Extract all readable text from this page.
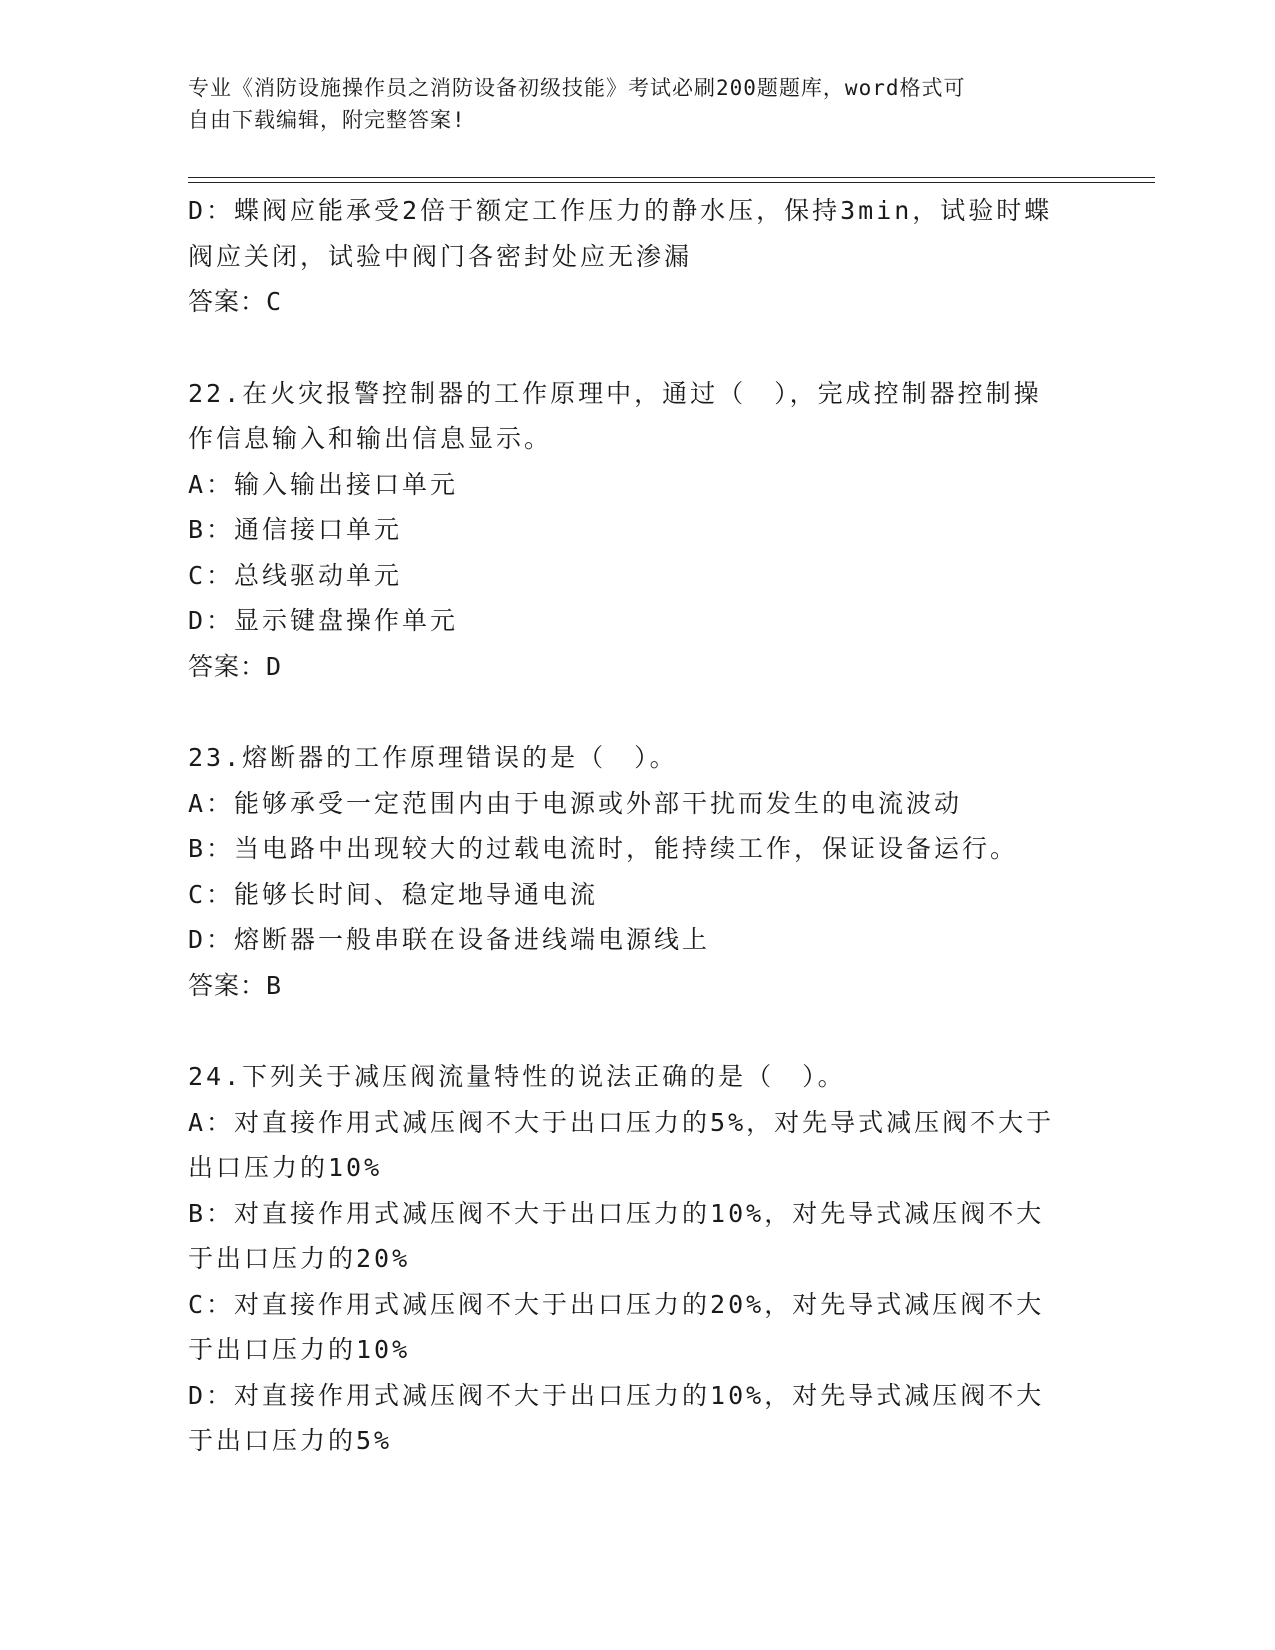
专业《消防设施操作员之消防设备初级技能》考试必刷200题题库，word格式可
自由下载编辑，附完整答案!
D：蝶阀应能承受2倍于额定工作压力的静水压，保持3min，试验时蝶
阀应关闭，试验中阀门各密封处应无渗漏
答案：C
22.在火灾报警控制器的工作原理中，通过（　），完成控制器控制操
作信息输入和输出信息显示。
A：输入输出接口单元
B：通信接口单元
C：总线驱动单元
D：显示键盘操作单元
答案：D
23.熔断器的工作原理错误的是（　）。
A：能够承受一定范围内由于电源或外部干扰而发生的电流波动
B：当电路中出现较大的过载电流时，能持续工作，保证设备运行。
C：能够长时间、稳定地导通电流
D：熔断器一般串联在设备进线端电源线上
答案：B
24.下列关于减压阀流量特性的说法正确的是（　）。
A：对直接作用式减压阀不大于出口压力的5%，对先导式减压阀不大于
出口压力的10%
B：对直接作用式减压阀不大于出口压力的10%，对先导式减压阀不大
于出口压力的20%
C：对直接作用式减压阀不大于出口压力的20%，对先导式减压阀不大
于出口压力的10%
D：对直接作用式减压阀不大于出口压力的10%，对先导式减压阀不大
于出口压力的5%
